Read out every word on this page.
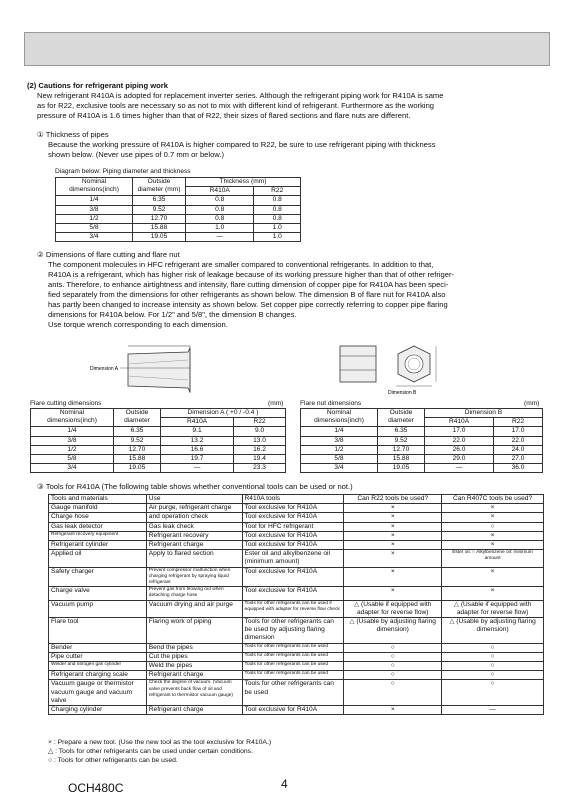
(2) Cautions for refrigerant piping work
New refrigerant R410A is adopted for replacement inverter series. Although the refrigerant piping work for R410A is same
as for R22, exclusive tools are necessary so as not to mix with different kind of refrigerant. Furthermore as the working
pressure of R410A is 1.6 times higher than that of R22, their sizes of flared sections and flare nuts are different.
① Thickness of pipes
Because the working pressure of R410A is higher compared to R22, be sure to use refrigerant piping with thickness
shown below. (Never use pipes of 0.7 mm or below.)
Diagram below: Piping diameter and thickness
Nominal
dimensions(inch)	Outside
diameter (mm)	Thickness (mm)	
		R410A	R22
1/4	6.35	0.8	0.8
3/8	9.52	0.8	0.8
1/2	12.70	0.8	0.8
5/8	15.88	1.0	1.0
3/4	19.05	—	1.0
② Dimensions of flare cutting and flare nut
The component molecules in HFC refrigerant are smaller compared to conventional refrigerants. In addition to that,
R410A is a refrigerant, which has higher risk of leakage because of its working pressure higher than that of other refriger-
ants. Therefore, to enhance airtightness and intensity, flare cutting dimension of copper pipe for R410A has been speci-
fied separately from the dimensions for other refrigerants as shown below. The dimension B of flare nut for R410A also
has partly been changed to increase intensity as shown below. Set copper pipe correctly referring to copper pipe flaring
dimensions for R410A below. For 1/2" and 5/8", the dimension B changes.
Use torque wrench corresponding to each dimension.
Dimension A
Dimension B
Flare cutting dimensions	(mm)
Nominal
dimensions(inch)	Outside
diameter	Dimension A ( +0 / -0.4 )	
		R410A	R22
1/4	6.35	9.1	9.0
3/8	9.52	13.2	13.0
1/2	12.70	16.6	16.2
5/8	15.88	19.7	19.4
3/4	19.05	—	23.3
Flare nut dimensions	(mm)
Nominal
dimensions(inch)	Outside
diameter	Dimension B	
		R410A	R22
1/4	6.35	17.0	17.0
3/8	9.52	22.0	22.0
1/2	12.70	26.0	24.0
5/8	15.88	29.0	27.0
3/4	19.05	—	36.0
③ Tools for R410A (The following table shows whether conventional tools can be used or not.)
Tools and materials	Use	R410A tools	Can R22 tools be used?	Can R407C tools be used?
Gauge manifold	Air purge, refrigerant charge	Tool exclusive for R410A	×	×
Charge hose	and operation check	Tool exclusive for R410A	×	×
Gas leak detector	Gas leak check	Tool for HFC refrigerant	×	○
Refrigerant recovery equipment	Refrigerant recovery	Tool exclusive for R410A	×	×
Refrigerant cylinder	Refrigerant charge	Tool exclusive for R410A	×	×
Applied oil	Apply to flared section	Ester oil and alkylbenzene oil (minimum amount)	×	Ester oil: ○ Alkylbenzene oil: minimum amount
Safety charger	Prevent compressor malfunction when charging refrigerant by spraying liquid refrigerant	Tool exclusive for R410A	×	×
Charge valve	Prevent gas from blowing out when detaching charge hose	Tool exclusive for R410A	×	×
Vacuum pump	Vacuum drying and air purge	Tools for other refrigerants can be used if equipped with adapter for reverse flow check	△ (Usable if equipped with adapter for reverse flow)	△ (Usable if equipped with adapter for reverse flow)
Flare tool	Flaring work of piping	Tools for other refrigerants can be used by adjusting flaring dimension	△ (Usable by adjusting flaring dimension)	△ (Usable by adjusting flaring dimension)
Bender	Bend the pipes	Tools for other refrigerants can be used	○	○
Pipe cutter	Cut the pipes	Tools for other refrigerants can be used	○	○
Welder and nitrogen gas cylinder	Weld the pipes	Tools for other refrigerants can be used	○	○
Refrigerant charging scale	Refrigerant charge	Tools for other refrigerants can be used	○	○
Vacuum gauge or thermistor vacuum gauge and vacuum valve	Check the degree of vacuum. (Vacuum valve prevents back flow of oil and refrigerant to thermistor vacuum gauge)	Tools for other refrigerants can be used	○	○
Charging cylinder	Refrigerant charge	Tool exclusive for R410A	×	—
× : Prepare a new tool. (Use the new tool as the tool exclusive for R410A.)
△ : Tools for other refrigerants can be used under certain conditions.
○ : Tools for other refrigerants can be used.
OCH480C	4
